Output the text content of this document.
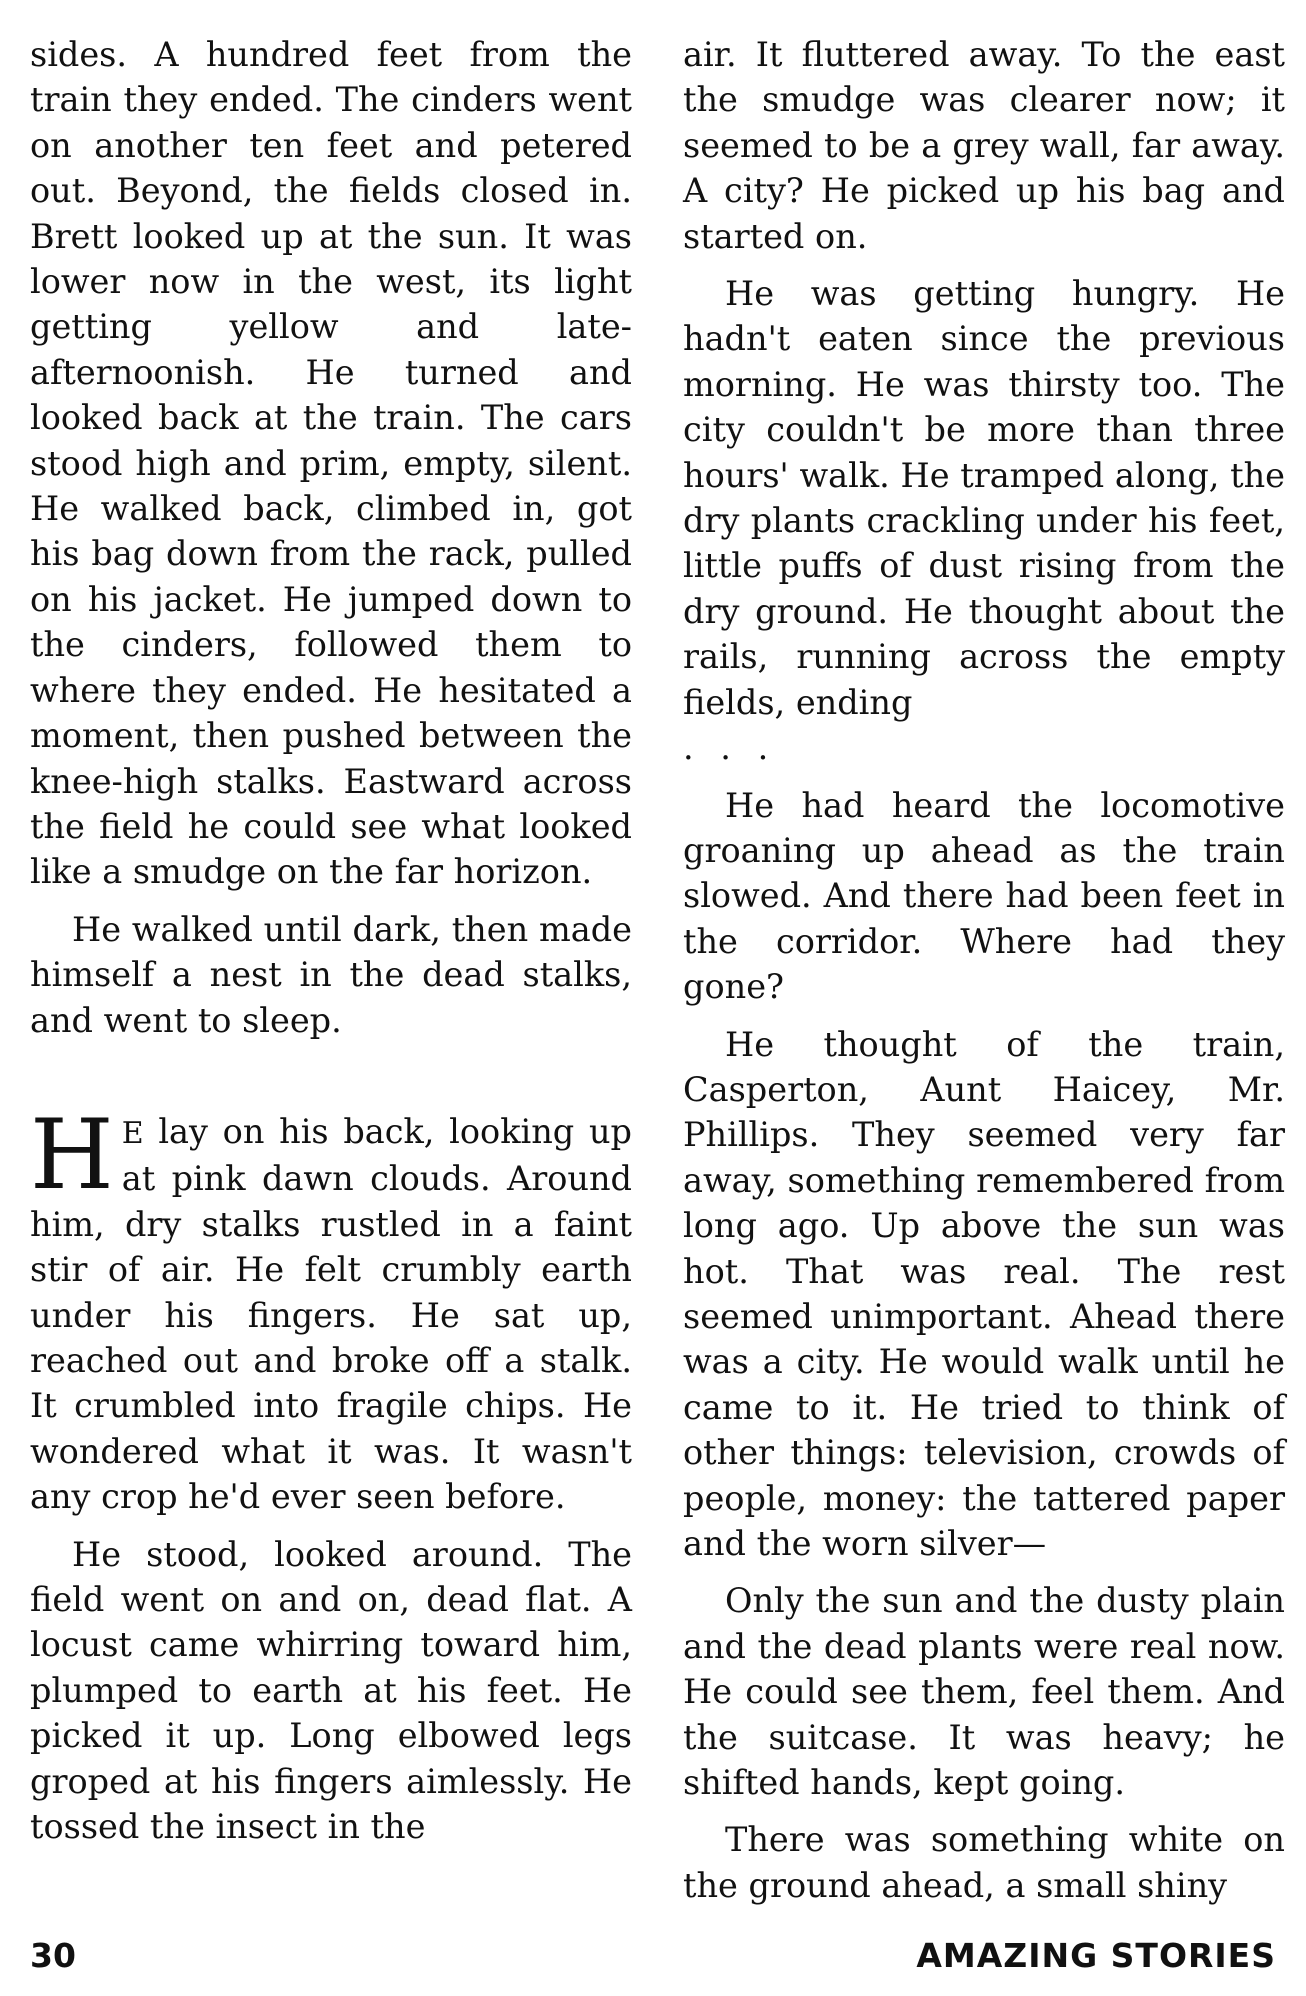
sides. A hundred feet from the train they ended. The cinders went on another ten feet and petered out. Beyond, the fields closed in. Brett looked up at the sun. It was lower now in the west, its light getting yellow and late-afternoonish. He turned and looked back at the train. The cars stood high and prim, empty, silent. He walked back, climbed in, got his bag down from the rack, pulled on his jacket. He jumped down to the cinders, followed them to where they ended. He hesitated a moment, then pushed between the knee-high stalks. Eastward across the field he could see what looked like a smudge on the far horizon.

He walked until dark, then made himself a nest in the dead stalks, and went to sleep.

HE lay on his back, looking up at pink dawn clouds. Around him, dry stalks rustled in a faint stir of air. He felt crumbly earth under his fingers. He sat up, reached out and broke off a stalk. It crumbled into fragile chips. He wondered what it was. It wasn't any crop he'd ever seen before.

He stood, looked around. The field went on and on, dead flat. A locust came whirring toward him, plumped to earth at his feet. He picked it up. Long elbowed legs groped at his fingers aimlessly. He tossed the insect in the

air. It fluttered away. To the east the smudge was clearer now; it seemed to be a grey wall, far away. A city? He picked up his bag and started on.

He was getting hungry. He hadn't eaten since the previous morning. He was thirsty too. The city couldn't be more than three hours' walk. He tramped along, the dry plants crackling under his feet, little puffs of dust rising from the dry ground. He thought about the rails, running across the empty fields, ending

. . .

He had heard the locomotive groaning up ahead as the train slowed. And there had been feet in the corridor. Where had they gone?

He thought of the train, Casperton, Aunt Haicey, Mr. Phillips. They seemed very far away, something remembered from long ago. Up above the sun was hot. That was real. The rest seemed unimportant. Ahead there was a city. He would walk until he came to it. He tried to think of other things: television, crowds of people, money: the tattered paper and the worn silver—

Only the sun and the dusty plain and the dead plants were real now. He could see them, feel them. And the suitcase. It was heavy; he shifted hands, kept going.

There was something white on the ground ahead, a small shiny

30	AMAZING STORIES
